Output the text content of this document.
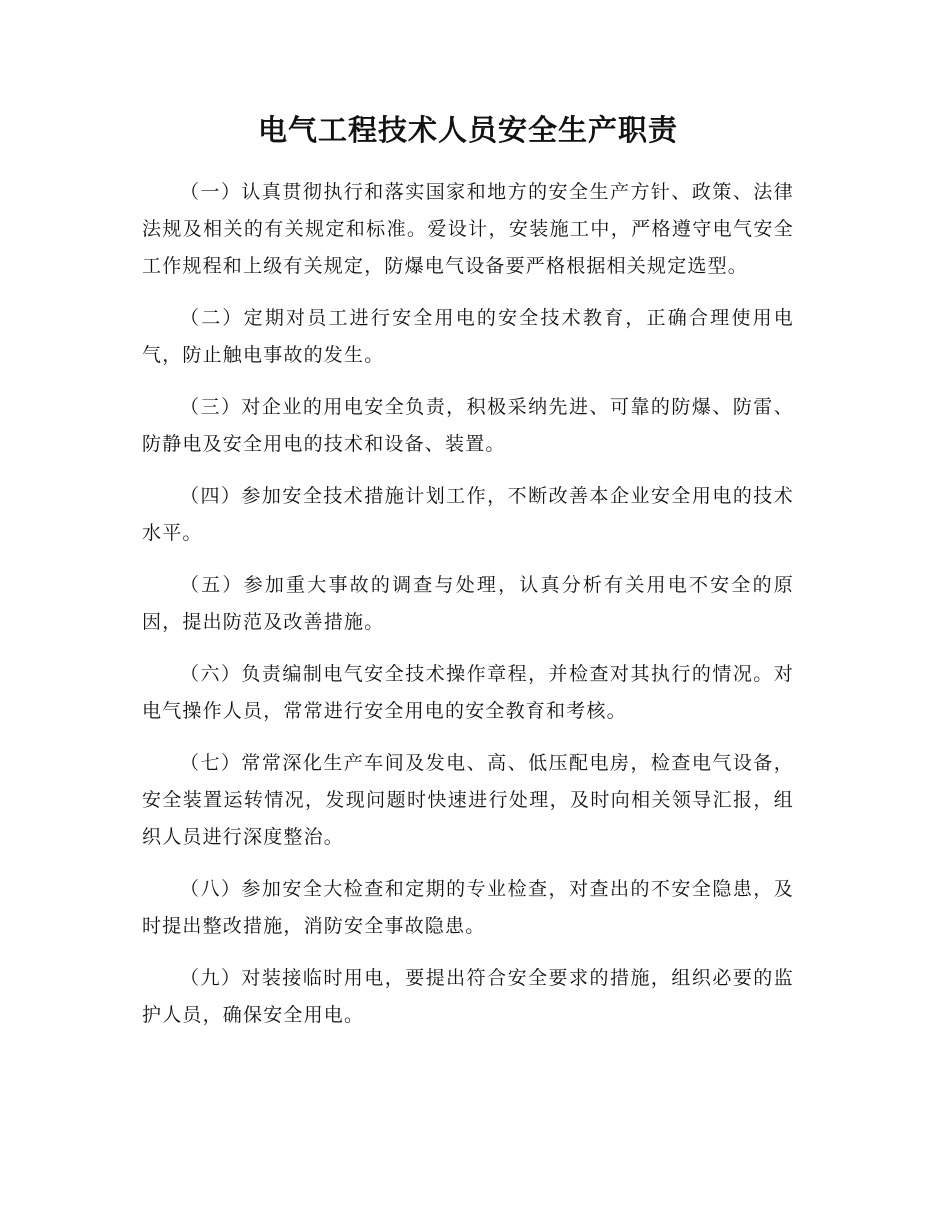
电气工程技术人员安全生产职责

（一）认真贯彻执行和落实国家和地方的安全生产方针、政策、法律法规及相关的有关规定和标准。爱设计，安装施工中，严格遵守电气安全工作规程和上级有关规定，防爆电气设备要严格根据相关规定选型。

（二）定期对员工进行安全用电的安全技术教育，正确合理使用电气，防止触电事故的发生。

（三）对企业的用电安全负责，积极采纳先进、可靠的防爆、防雷、防静电及安全用电的技术和设备、装置。

（四）参加安全技术措施计划工作，不断改善本企业安全用电的技术水平。

（五）参加重大事故的调查与处理，认真分析有关用电不安全的原因，提出防范及改善措施。

（六）负责编制电气安全技术操作章程，并检查对其执行的情况。对电气操作人员，常常进行安全用电的安全教育和考核。

（七）常常深化生产车间及发电、高、低压配电房，检查电气设备，安全装置运转情况，发现问题时快速进行处理，及时向相关领导汇报，组织人员进行深度整治。

（八）参加安全大检查和定期的专业检查，对查出的不安全隐患，及时提出整改措施，消防安全事故隐患。

（九）对装接临时用电，要提出符合安全要求的措施，组织必要的监护人员，确保安全用电。
